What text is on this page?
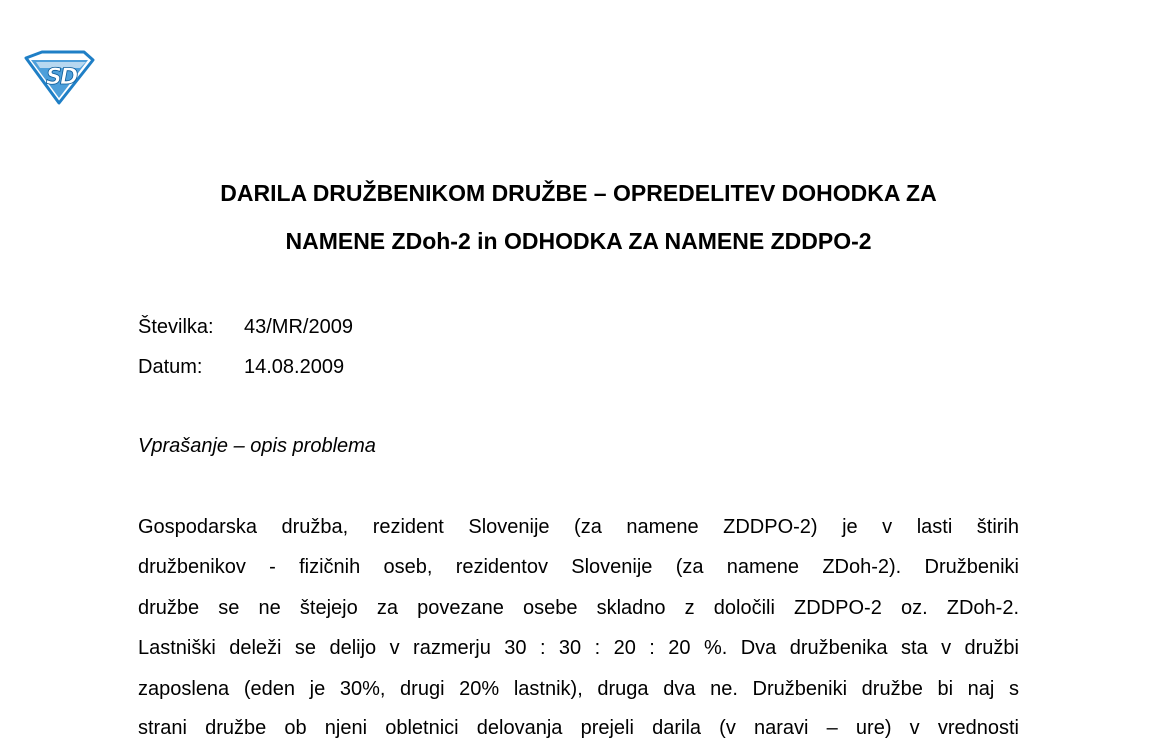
S
D
DARILA DRUŽBENIKOM DRUŽBE – OPREDELITEV DOHODKA ZA
NAMENE ZDoh-2 in ODHODKA ZA NAMENE ZDDPO-2
Številka: 43/MR/2009
Datum: 14.08.2009
Vprašanje – opis problema
Gospodarska družba, rezident Slovenije (za namene ZDDPO-2) je v lasti štirih
družbenikov - fizičnih oseb, rezidentov Slovenije (za namene ZDoh-2). Družbeniki
družbe se ne štejejo za povezane osebe skladno z določili ZDDPO-2 oz. ZDoh-2.
Lastniški deleži se delijo v razmerju 30 : 30 : 20 : 20 %. Dva družbenika sta v družbi
zaposlena (eden je 30%, drugi 20% lastnik), druga dva ne. Družbeniki družbe bi naj s
strani družbe ob njeni obletnici delovanja prejeli darila (v naravi – ure) v vrednosti
